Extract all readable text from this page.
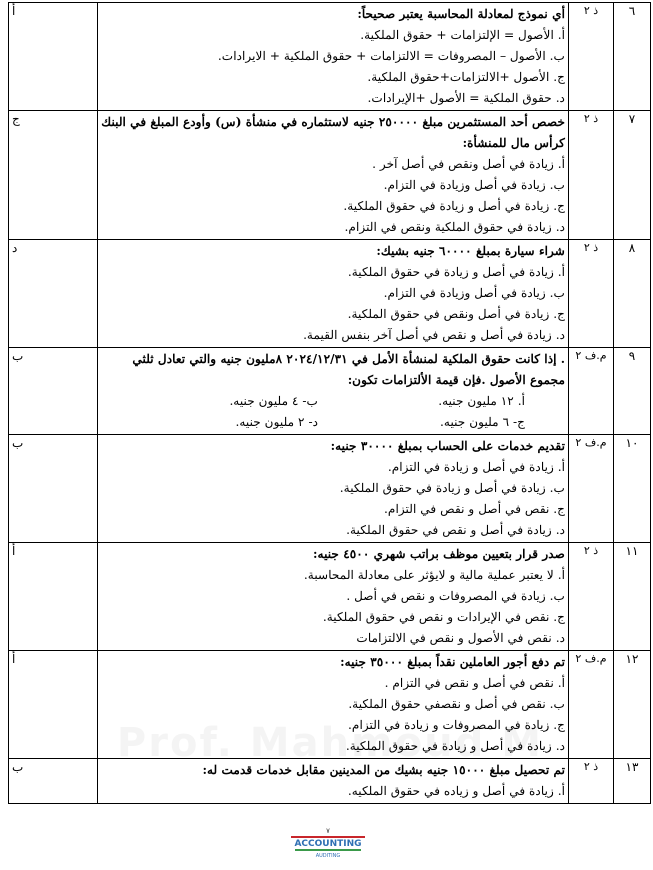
٦	ذ ٢	أي نموذج لمعادلة المحاسبة يعتبر صحيحاً:
أ. الأصول = الإلتزامات + حقوق الملكية.
ب. الأصول – المصروفات = الالتزامات + حقوق الملكية + الايرادات.
ج. الأصول +الالتزامات+حقوق الملكية.
د. حقوق الملكية = الأصول +الإيرادات.	أ
٧	ذ ٢	خصص أحد المستثمرين مبلغ ٢٥٠٠٠٠ جنيه لاستثماره في منشأة (س) وأودع المبلغ في البنك كرأس مال للمنشأة:
أ. زيادة في أصل ونقص في أصل آخر .
ب. زيادة في أصل وزيادة في التزام.
ج. زيادة في أصل و زيادة في حقوق الملكية.
د. زيادة في حقوق الملكية ونقص في التزام.	ج
٨	ذ ٢	شراء سيارة بمبلغ ٦٠٠٠٠ جنيه بشيك:
أ. زيادة في أصل و زيادة في حقوق الملكية.
ب. زيادة في أصل وزيادة في التزام.
ج. زيادة في أصل ونقص في حقوق الملكية.
د. زيادة في أصل و نقص في أصل آخر بنفس القيمة.	د
٩	م.ف ٢	. إذا كانت حقوق الملكية لمنشأة الأمل في ٢٠٢٤/١٢/٣١ ٨مليون جنيه والتي تعادل ثلثي مجموع الأصول .فإن قيمة الألتزامات تكون:
أ. ١٢ مليون جنيه.
ب- ٤ مليون جنيه.
ج- ٦ مليون جنيه.
د- ٢ مليون جنيه.	ب
١٠	م.ف ٢	تقديم خدمات على الحساب بمبلغ ٣٠٠٠٠ جنيه:
أ. زيادة في أصل و زيادة في التزام.
ب. زيادة في أصل و زيادة في حقوق الملكية.
ج. نقص في أصل و نقص في التزام.
د. زيادة في أصل و نقص في حقوق الملكية.	ب
١١	ذ ٢	صدر قرار بتعيين موظف براتب شهري ٤٥٠٠ جنيه:
أ. لا يعتبر عملية مالية و لايؤثر على معادلة المحاسبة.
ب. زيادة في المصروفات و نقص في أصل .
ج. نقص في الإيرادات و نقص في حقوق الملكية.
د. نقص في الأصول و نقص في الالتزامات	أ
١٢	م.ف ٢	تم دفع أجور العاملين نقداً بمبلغ ٣٥٠٠٠ جنيه:
أ. نقص في أصل و نقص في التزام .
ب. نقص في أصل و نقصفي حقوق الملكية.
ج. زيادة في المصروفات و زيادة في التزام.
د. زيادة في أصل و زيادة في حقوق الملكية.	أ
١٣	ذ ٢	تم تحصيل مبلغ ١٥٠٠٠ جنيه بشيك من المدينين مقابل خدمات قدمت له:
أ. زيادة في أصل و زياده في حقوق الملكيه.	ب
٧
ACCOUNTING
AUDITING
